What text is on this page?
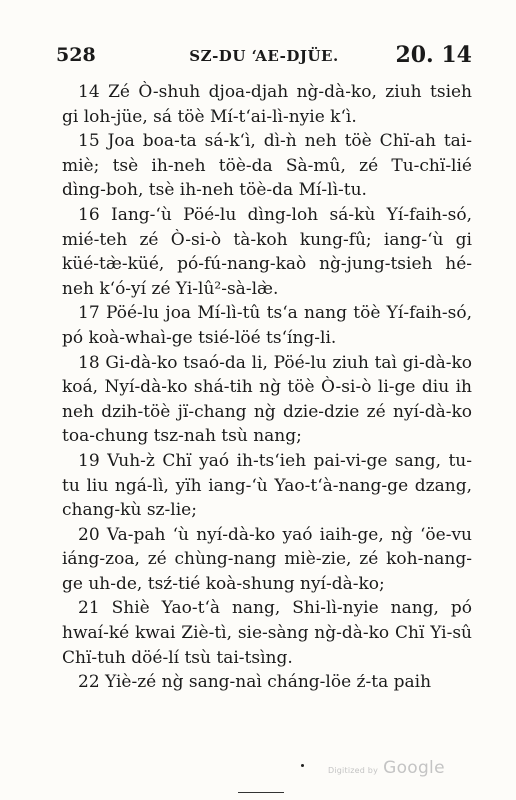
528	SZ-DU ‘AE-DJÜE.	20. 14

14 Zé Ò-shuh djoa-djah ng̀-dà-ko, ziuh tsieh gi loh-jüe, sá töè Mí-t‘ai-lì-nyie k‘ì.

15 Joa boa-ta sá-k‘ì, dì-ǹ neh töè Chï-ah tai-miè; tsè ih-neh töè-da Sà-mû, zé Tu-chï-lié dìng-boh, tsè ih-neh töè-da Mí-lì-tu.

16 Iang-‘ù Pöé-lu dìng-loh sá-kù Yí-faih-só, mié-teh zé Ò-si-ò tà-koh kung-fû; iang-‘ù gi küé-tæ̀-küé, pó-fú-nang-kaò ng̀-jung-tsieh hé-neh k‘ó-yí zé Yi-lû²-sà-læ̀.

17 Pöé-lu joa Mí-lì-tû ts‘a nang töè Yí-faih-só, pó koà-whaì-ge tsié-löé ts‘íng-li.

18 Gi-dà-ko tsaó-da li, Pöé-lu ziuh taì gi-dà-ko koá, Nyí-dà-ko shá-tih ng̀ töè Ò-si-ò li-ge diu ih neh dzih-töè jï-chang ng̀ dzie-dzie zé nyí-dà-ko toa-chung tsz-nah tsù nang;

19 Vuh-z̀ Chï yaó ih-ts‘ieh pai-vi-ge sang, tu-tu liu ngá-lì, yïh iang-‘ù Yao-t‘à-nang-ge dzang, chang-kù sz-lie;

20 Va-pah ‘ù nyí-dà-ko yaó iaih-ge, ng̀ ‘öe-vu iáng-zoa, zé chùng-nang miè-zie, zé koh-nang-ge uh-de, tsź-tié koà-shung nyí-dà-ko;

21 Shiè Yao-t‘à nang, Shi-lì-nyie nang, pó hwaí-ké kwai Ziè-tì, sie-sàng ng̀-dà-ko Chï Yi-sû Chï-tuh döé-lí tsù tai-tsìng.

22 Yiè-zé ng̀ sang-naì cháng-löe ź-ta paih

Digitized by Google
